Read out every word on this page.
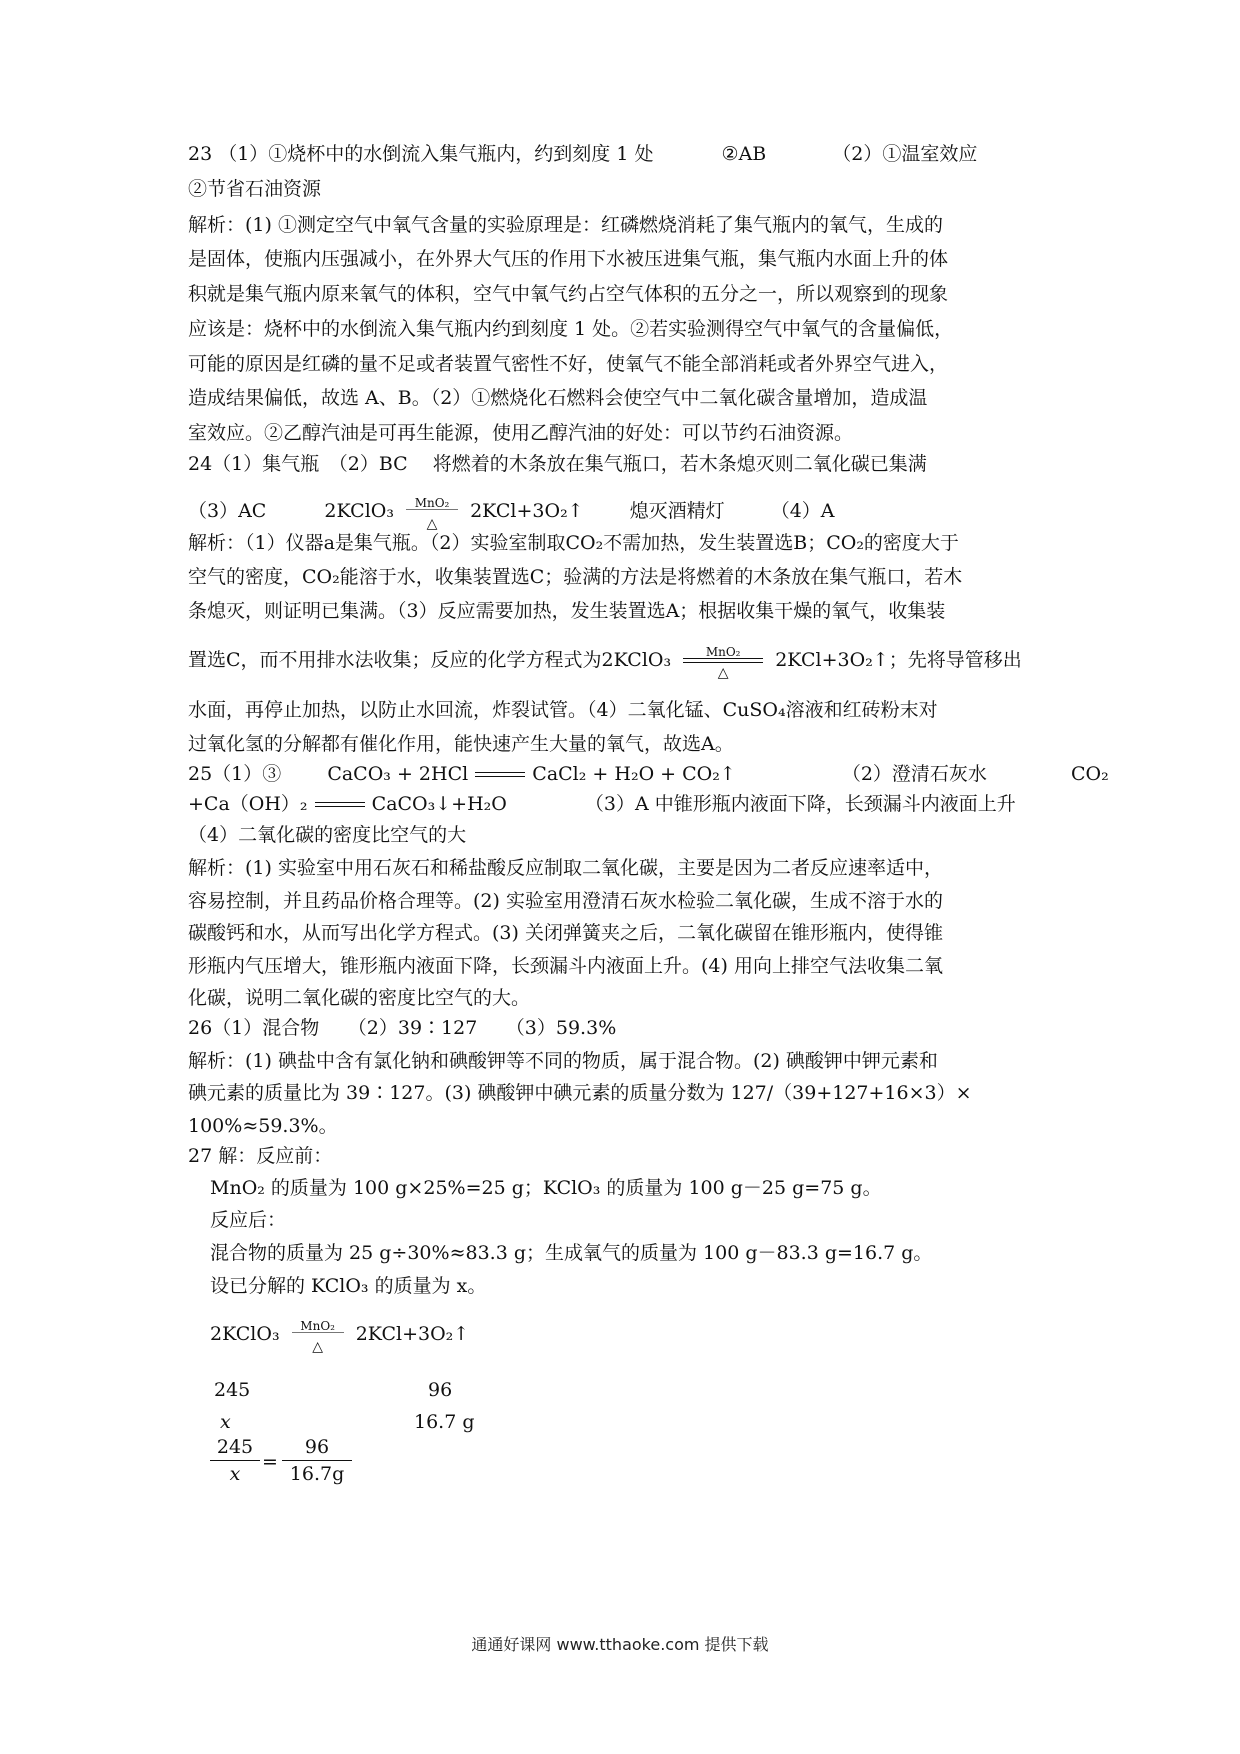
23 （1）①烧杯中的水倒流入集气瓶内，约到刻度 1 处	②AB	（2）①温室效应
②节省石油资源
解析：(1) ①测定空气中氧气含量的实验原理是：红磷燃烧消耗了集气瓶内的氧气，生成的
是固体，使瓶内压强减小，在外界大气压的作用下水被压进集气瓶，集气瓶内水面上升的体
积就是集气瓶内原来氧气的体积，空气中氧气约占空气体积的五分之一，所以观察到的现象
应该是：烧杯中的水倒流入集气瓶内约到刻度 1 处。②若实验测得空气中氧气的含量偏低，
可能的原因是红磷的量不足或者装置气密性不好，使氧气不能全部消耗或者外界空气进入，
造成结果偏低，故选 A、B。（2）①燃烧化石燃料会使空气中二氧化碳含量增加，造成温
室效应。②乙醇汽油是可再生能源，使用乙醇汽油的好处：可以节约石油资源。
24（1）集气瓶　（2）BC　 将燃着的木条放在集气瓶口，若木条熄灭则二氧化碳已集满
（3）AC	2KClO₃	MnO₂
△
2KCl+3O₂↑ 熄灭酒精灯 （4）A
解析：（1）仪器a是集气瓶。（2）实验室制取CO₂不需加热，发生装置选B；CO₂的密度大于
空气的密度，CO₂能溶于水，收集装置选C；验满的方法是将燃着的木条放在集气瓶口，若木
条熄灭，则证明已集满。（3）反应需要加热，发生装置选A；根据收集干燥的氧气，收集装
置选C，而不用排水法收集；反应的化学方程式为2KClO₃	MnO₂
△
2KCl+3O₂↑；先将导管移出
水面，再停止加热，以防止水回流，炸裂试管。（4）二氧化锰、CuSO₄溶液和红砖粉末对
过氧化氢的分解都有催化作用，能快速产生大量的氧气，故选A。
25（1）③ CaCO₃ + 2HCl	CaCl₂ + H₂O + CO₂↑	（2）澄清石灰水	CO₂
+Ca（OH）₂	CaCO₃↓+H₂O	（3）A 中锥形瓶内液面下降，长颈漏斗内液面上升
（4）二氧化碳的密度比空气的大
解析：(1) 实验室中用石灰石和稀盐酸反应制取二氧化碳，主要是因为二者反应速率适中，
容易控制，并且药品价格合理等。(2) 实验室用澄清石灰水检验二氧化碳，生成不溶于水的
碳酸钙和水，从而写出化学方程式。(3) 关闭弹簧夹之后，二氧化碳留在锥形瓶内，使得锥
形瓶内气压增大，锥形瓶内液面下降，长颈漏斗内液面上升。(4) 用向上排空气法收集二氧
化碳，说明二氧化碳的密度比空气的大。
26（1）混合物　　（2）39∶127　　（3）59.3%
解析：(1) 碘盐中含有氯化钠和碘酸钾等不同的物质，属于混合物。(2) 碘酸钾中钾元素和
碘元素的质量比为 39∶127。(3) 碘酸钾中碘元素的质量分数为 127/（39+127+16×3）×
100%≈59.3%。
27 解：反应前：
MnO₂ 的质量为 100 g×25%=25 g；KClO₃ 的质量为 100 g－25 g=75 g。
反应后：
混合物的质量为 25 g÷30%≈83.3 g；生成氧气的质量为 100 g－83.3 g=16.7 g。
设已分解的 KClO₃ 的质量为 x。
2KClO₃	MnO₂
△
2KCl+3O₂↑
245	96
x	16.7 g
$\frac{245}{x} = \frac{96}{16.7g}$
通通好课网 www.tthaoke.com 提供下载
